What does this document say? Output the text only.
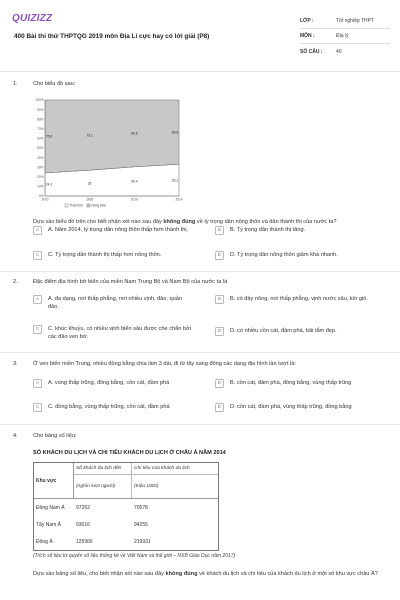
QUIZIZZ
400 Bài thi thử THPTQG 2019 môn Địa Lí cực hay có lời giải (P8)
LỚP :	Tốt nghiệp THPT
MÔN :	Địa lý
SỐ CÂU :	40
1.	Cho biểu đồ sau:
0%
10%
20%
30%
40%
50%
60%
70%
80%
90%
100%
24.1	26	30.4	33.1
75.9	73.1	69.6	66.9
2000	2005	2010	2014
Thành thị	Nông thôn
Dựa vào biểu đồ trên cho biết nhận xét nào sau đây không đúng về tỷ trọng dân nông thôn và dân thành thị của nước ta?
A	A. Năm 2014, tỷ trọng dân nông thôn thấp hơn thành thị.	B	B. Tỷ trọng dân thành thị tăng.
C	C. Tỷ trọng dân thành thị thấp hơn nông thôn.	D	D. Tỷ trọng dân nông thôn giảm khá nhanh.
2.	Đặc điểm địa hình bờ biển của miền Nam Trung Bộ và Nam Bộ của nước ta là
A	A. đa dạng, nơi thấp phẳng, nơi nhiều vịnh, đảo, quần đảo.
B	B. có đầy nông, nơi thấp phẳng, vịnh nước sâu, kín gió.
C	C. khúc khuỷu, có nhiều vịnh biển sâu được che chắn bởi các đảo ven bờ.
D	D. có nhiều cồn cát, đầm phá, bãi tắm đẹp.
3.	Ở ven biển miền Trung, nhiều đồng bằng chia làm 3 dải, đi từ tây sang đông các dạng địa hình lần lượt là:
A	A. vùng thấp trũng, đồng bằng, cồn cát, đầm phá	B	B. cồn cát, đầm phá, đồng bằng, vùng thấp trũng
C	C. đồng bằng, vùng thấp trũng, cồn cát, đầm phá	D	D. cồn cát, đầm phá, vùng thấp trũng, đồng bằng
4.	Cho bảng số liệu:
SỐ KHÁCH DU LỊCH VÀ CHI TIÊU KHÁCH DU LỊCH Ở CHÂU Á NĂM 2014
Khu vực
Số khách du lịch đến	Chi tiêu của khách du lịch
(nghìn lượt người)	(triệu USD)
Đông Nam Á	97262	70578
Tây Nam Á	93016	94255
Đông Á	125966	219931
(Trích số liệu từ quyển số liệu thống kê về Việt Nam và thế giới – NXB Giáo Dục năm 2017)
Dựa vào bảng số liệu, cho biết nhận xét nào sau đây không đúng về khách du lịch và chi tiêu của khách du lịch ở một số khu vực châu Á?
